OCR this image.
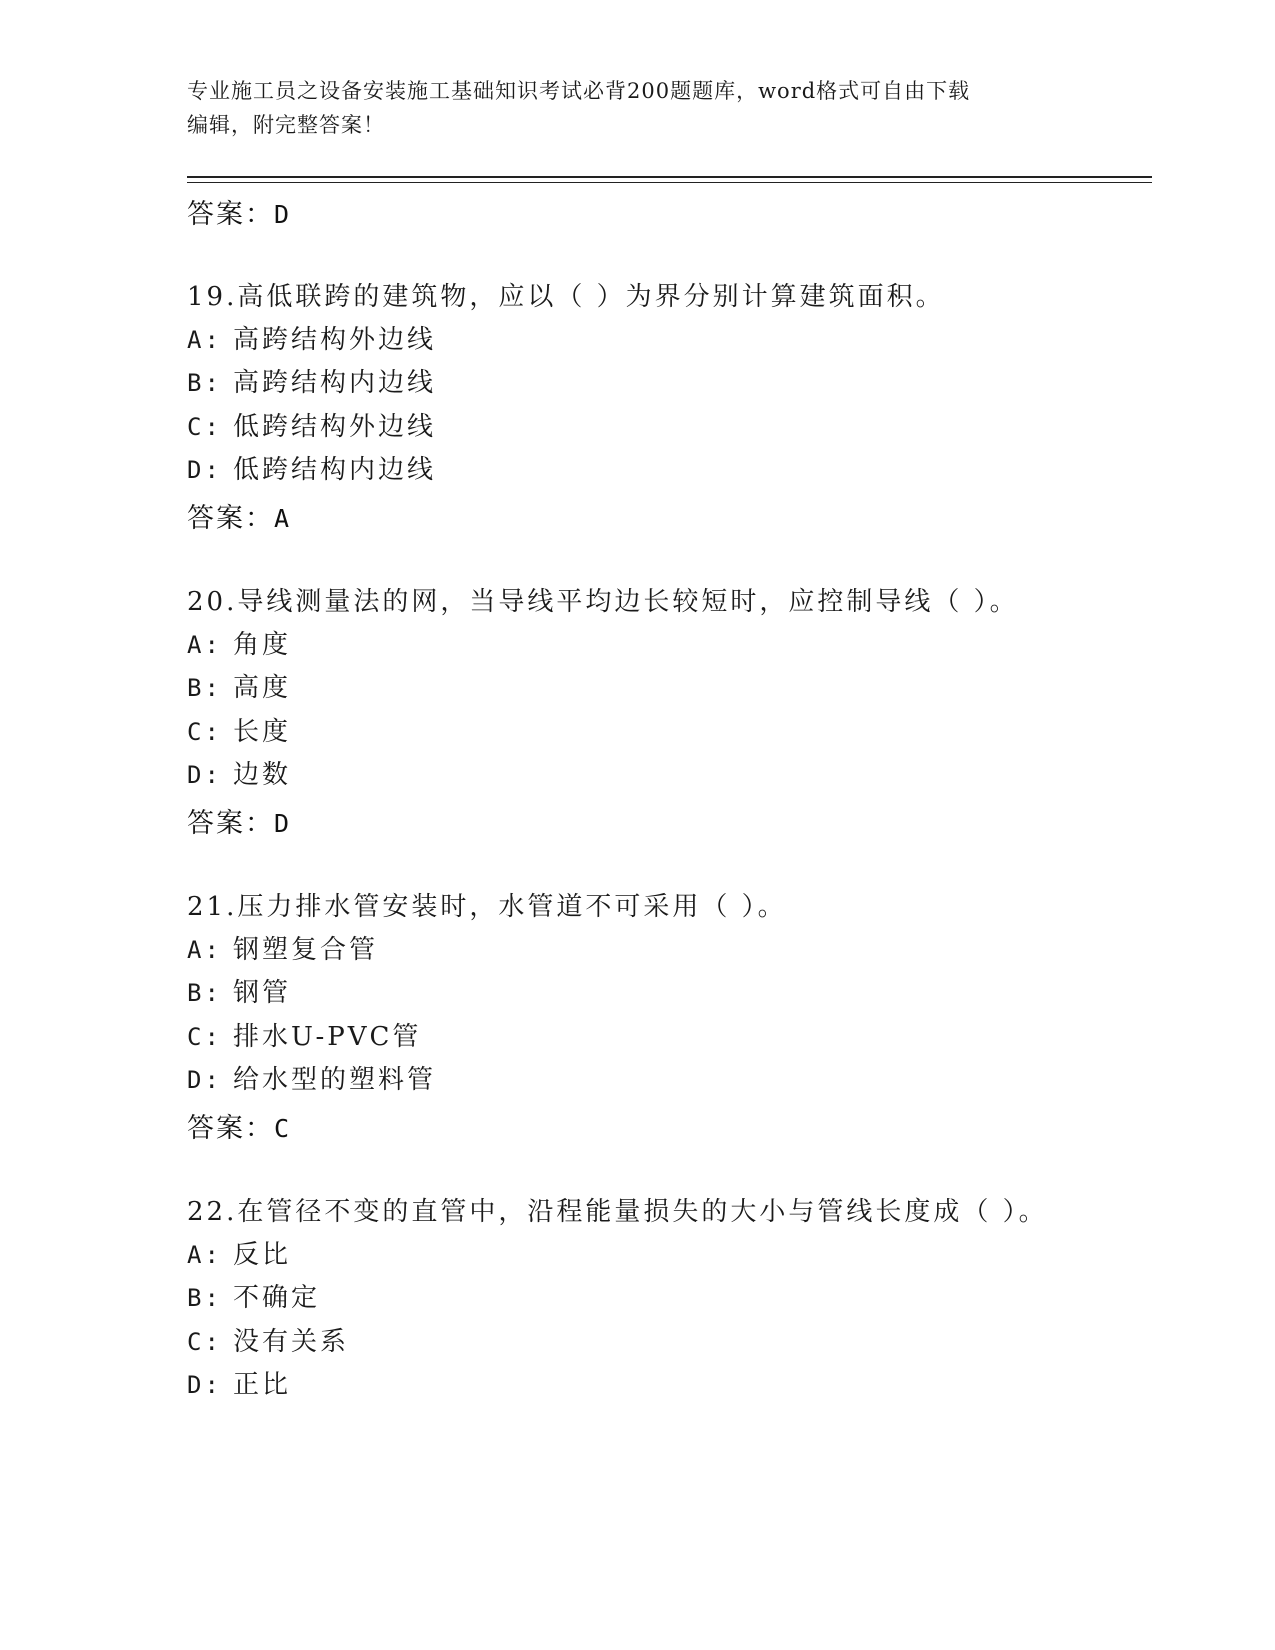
专业施工员之设备安装施工基础知识考试必背200题题库，word格式可自由下载
编辑，附完整答案！
答案：D
19.高低联跨的建筑物，应以（ ）为界分别计算建筑面积。
A: 高跨结构外边线
B: 高跨结构内边线
C: 低跨结构外边线
D: 低跨结构内边线
答案：A
20.导线测量法的网，当导线平均边长较短时，应控制导线（ ）。
A: 角度
B: 高度
C: 长度
D: 边数
答案：D
21.压力排水管安装时，水管道不可采用（ ）。
A: 钢塑复合管
B: 钢管
C: 排水U-PVC管
D: 给水型的塑料管
答案：C
22.在管径不变的直管中，沿程能量损失的大小与管线长度成（ ）。
A: 反比
B: 不确定
C: 没有关系
D: 正比
